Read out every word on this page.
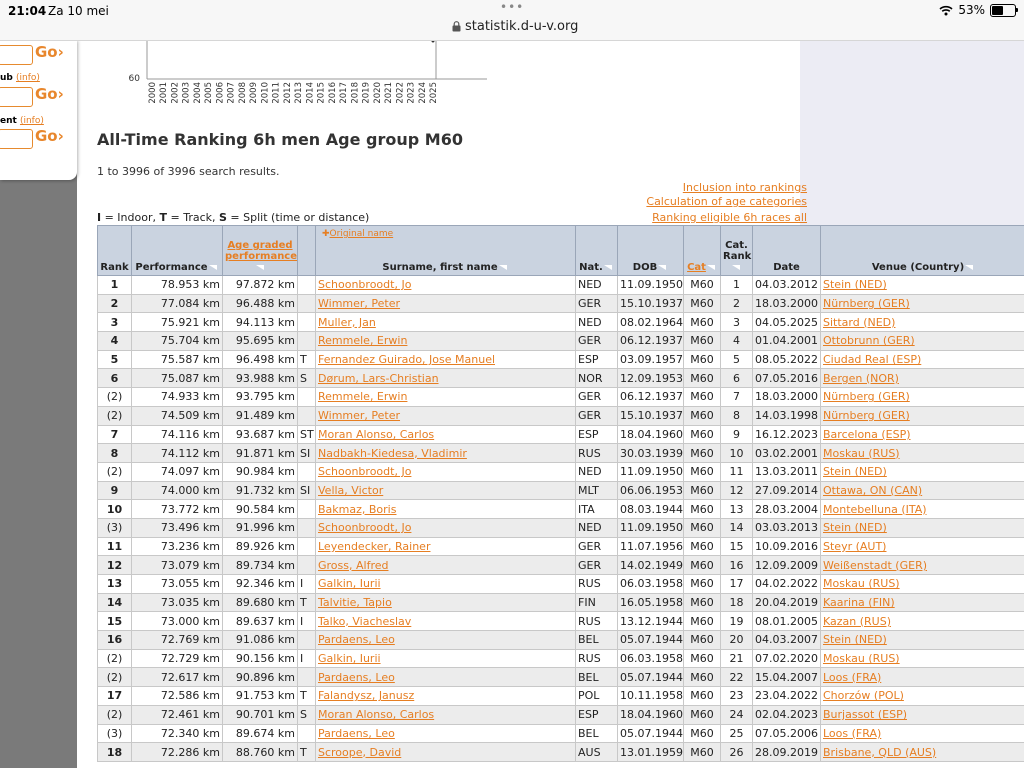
21:04 Za 10 mei	•••
statistik.d-u-v.org
53%
Go›
ub (info)
Go›
ent (info)
Go›
60
2000 2001 2002 2003 2004 2005 2006 2007 2008 2009 2010 2011 2012 2013 2014 2015 2016 2017 2018 2019 2020 2021 2022 2023 2024 2025
All-Time Ranking 6h men Age group M60
1 to 3996 of 3996 search results.
Inclusion into rankings
Calculation of age categories
Ranking eligible 6h races all
I = Indoor, T = Track, S = Split (time or distance)
Rank	Performance	Age graded
performance		✚Original name
Surname, first name	Nat.	DOB	Cat	Cat.
Rank	Date	Venue (Country)
1	78.953 km	97.872 km		Schoonbroodt, Jo	NED	11.09.1950	M60	1	04.03.2012	Stein (NED)
2	77.084 km	96.488 km		Wimmer, Peter	GER	15.10.1937	M60	2	18.03.2000	Nürnberg (GER)
3	75.921 km	94.113 km		Muller, Jan	NED	08.02.1964	M60	3	04.05.2025	Sittard (NED)
4	75.704 km	95.695 km		Remmele, Erwin	GER	06.12.1937	M60	4	01.04.2001	Ottobrunn (GER)
5	75.587 km	96.498 km	T	Fernandez Guirado, Jose Manuel	ESP	03.09.1957	M60	5	08.05.2022	Ciudad Real (ESP)
6	75.087 km	93.988 km	S	Dørum, Lars-Christian	NOR	12.09.1953	M60	6	07.05.2016	Bergen (NOR)
(2)	74.933 km	93.795 km		Remmele, Erwin	GER	06.12.1937	M60	7	18.03.2000	Nürnberg (GER)
(2)	74.509 km	91.489 km		Wimmer, Peter	GER	15.10.1937	M60	8	14.03.1998	Nürnberg (GER)
7	74.116 km	93.687 km	ST	Moran Alonso, Carlos	ESP	18.04.1960	M60	9	16.12.2023	Barcelona (ESP)
8	74.112 km	91.871 km	SI	Nadbakh-Kiedesa, Vladimir	RUS	30.03.1939	M60	10	03.02.2001	Moskau (RUS)
(2)	74.097 km	90.984 km		Schoonbroodt, Jo	NED	11.09.1950	M60	11	13.03.2011	Stein (NED)
9	74.000 km	91.732 km	SI	Vella, Victor	MLT	06.06.1953	M60	12	27.09.2014	Ottawa, ON (CAN)
10	73.772 km	90.584 km		Bakmaz, Boris	ITA	08.03.1944	M60	13	28.03.2004	Montebelluna (ITA)
(3)	73.496 km	91.996 km		Schoonbroodt, Jo	NED	11.09.1950	M60	14	03.03.2013	Stein (NED)
11	73.236 km	89.926 km		Leyendecker, Rainer	GER	11.07.1956	M60	15	10.09.2016	Steyr (AUT)
12	73.079 km	89.734 km		Gross, Alfred	GER	14.02.1949	M60	16	12.09.2009	Weißenstadt (GER)
13	73.055 km	92.346 km	I	Galkin, Iurii	RUS	06.03.1958	M60	17	04.02.2022	Moskau (RUS)
14	73.035 km	89.680 km	T	Talvitie, Tapio	FIN	16.05.1958	M60	18	20.04.2019	Kaarina (FIN)
15	73.000 km	89.637 km	I	Talko, Viacheslav	RUS	13.12.1944	M60	19	08.01.2005	Kazan (RUS)
16	72.769 km	91.086 km		Pardaens, Leo	BEL	05.07.1944	M60	20	04.03.2007	Stein (NED)
(2)	72.729 km	90.156 km	I	Galkin, Iurii	RUS	06.03.1958	M60	21	07.02.2020	Moskau (RUS)
(2)	72.617 km	90.896 km		Pardaens, Leo	BEL	05.07.1944	M60	22	15.04.2007	Loos (FRA)
17	72.586 km	91.753 km	T	Falandysz, Janusz	POL	10.11.1958	M60	23	23.04.2022	Chorzów (POL)
(2)	72.461 km	90.701 km	S	Moran Alonso, Carlos	ESP	18.04.1960	M60	24	02.04.2023	Burjassot (ESP)
(3)	72.340 km	89.674 km		Pardaens, Leo	BEL	05.07.1944	M60	25	07.05.2006	Loos (FRA)
18	72.286 km	88.760 km	T	Scroope, David	AUS	13.01.1959	M60	26	28.09.2019	Brisbane, QLD (AUS)
